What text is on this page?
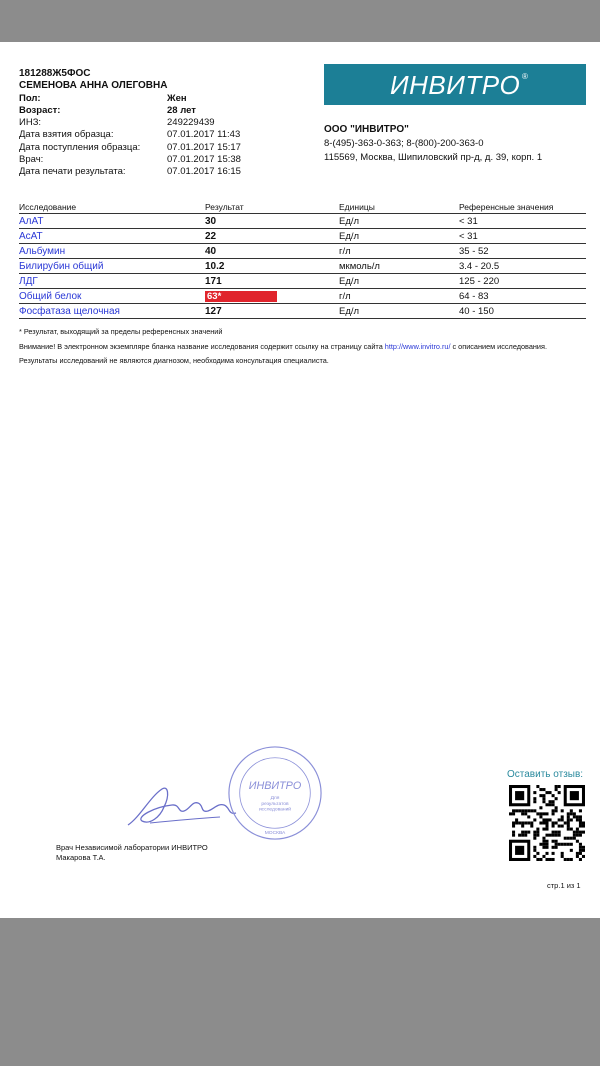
181288Ж5ФОС
СЕМЕНОВА АННА ОЛЕГОВНА
Пол:	Жен
Возраст:	28 лет
ИНЗ:	249229439
Дата взятия образца:	07.01.2017 11:43
Дата поступления образца:	07.01.2017 15:17
Врач:	07.01.2017 15:38
Дата печати результата:	07.01.2017 16:15
ИНВИТРО ®
ООО "ИНВИТРО"
8-(495)-363-0-363; 8-(800)-200-363-0
115569, Москва, Шипиловский пр-д, д. 39, корп. 1
Исследование	Результат	Единицы	Референсные значения
АлАТ	30	Ед/л	< 31
АсАТ	22	Ед/л	< 31
Альбумин	40	г/л	35 - 52
Билирубин общий	10.2	мкмоль/л	3.4 - 20.5
ЛДГ	171	Ед/л	125 - 220
Общий белок	63*	г/л	64 - 83
Фосфатаза щелочная	127	Ед/л	40 - 150

* Результат, выходящий за пределы референсных значений

Внимание! В электронном экземпляре бланка название исследования содержит ссылку на страницу сайта http://www.invitro.ru/ с описанием исследования.

Результаты исследований не являются диагнозом, необходима консультация специалиста.

ИНВИТРО
Для
результатов
исследований
МОСКВА
Врач Независимой лаборатории ИНВИТРО
Макарова Т.А.
Оставить отзыв:
стр.1 из 1
